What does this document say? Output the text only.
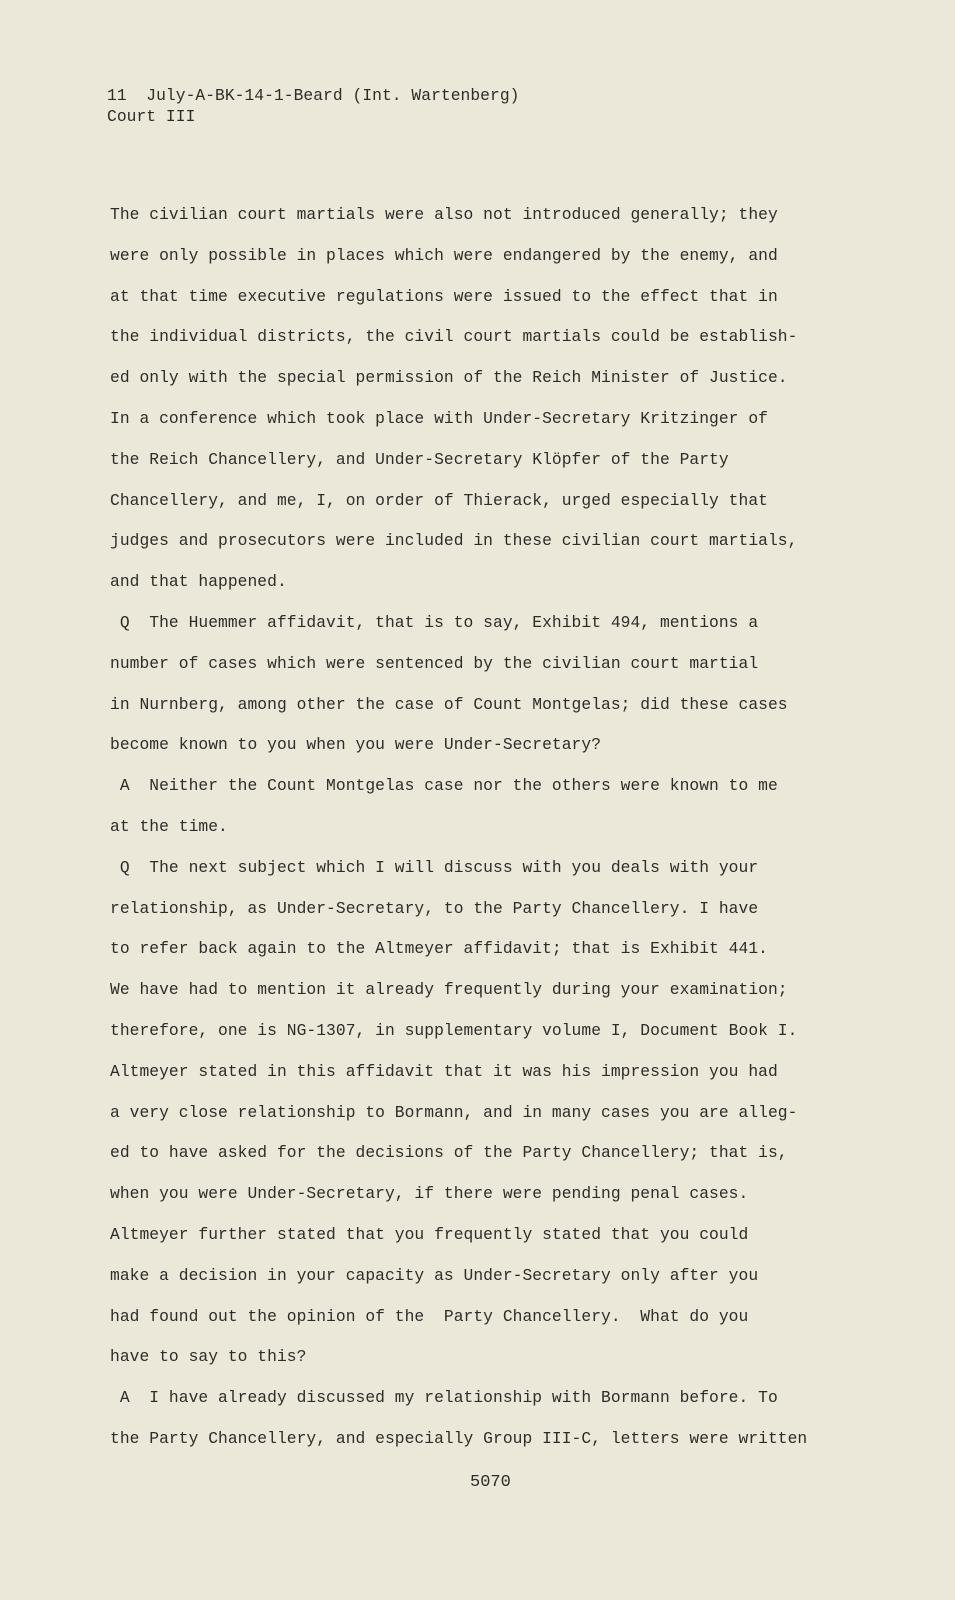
11  July-A-BK-14-1-Beard (Int. Wartenberg)
Court III
The civilian court martials were also not introduced generally; they
were only possible in places which were endangered by the enemy, and
at that time executive regulations were issued to the effect that in
the individual districts, the civil court martials could be establish-
ed only with the special permission of the Reich Minister of Justice.
In a conference which took place with Under-Secretary Kritzinger of
the Reich Chancellery, and Under-Secretary Klöpfer of the Party
Chancellery, and me, I, on order of Thierack, urged especially that
judges and prosecutors were included in these civilian court martials,
and that happened.
Q  The Huemmer affidavit, that is to say, Exhibit 494, mentions a
number of cases which were sentenced by the civilian court martial
in Nurnberg, among other the case of Count Montgelas; did these cases
become known to you when you were Under-Secretary?
A  Neither the Count Montgelas case nor the others were known to me
at the time.
Q  The next subject which I will discuss with you deals with your
relationship, as Under-Secretary, to the Party Chancellery. I have
to refer back again to the Altmeyer affidavit; that is Exhibit 441.
We have had to mention it already frequently during your examination;
therefore, one is NG-1307, in supplementary volume I, Document Book I.
Altmeyer stated in this affidavit that it was his impression you had
a very close relationship to Bormann, and in many cases you are alleg-
ed to have asked for the decisions of the Party Chancellery; that is,
when you were Under-Secretary, if there were pending penal cases.
Altmeyer further stated that you frequently stated that you could
make a decision in your capacity as Under-Secretary only after you
had found out the opinion of the  Party Chancellery.  What do you
have to say to this?
A  I have already discussed my relationship with Bormann before. To
the Party Chancellery, and especially Group III-C, letters were written
5070
